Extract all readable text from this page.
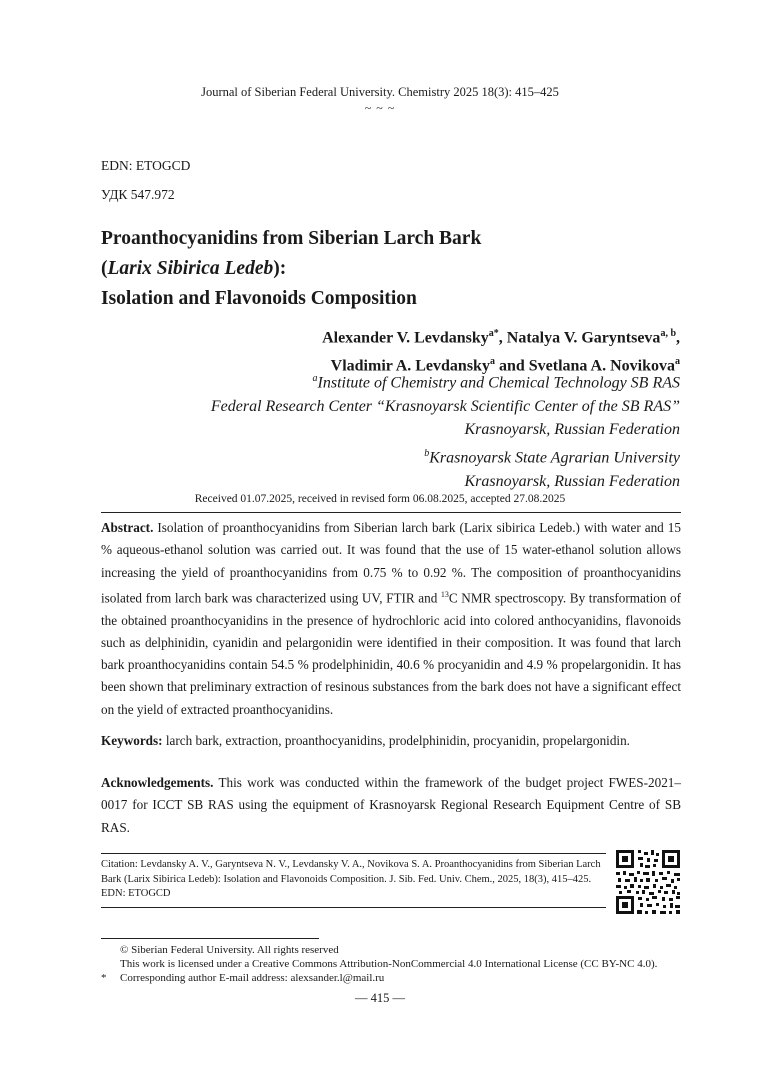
Journal of Siberian Federal University. Chemistry 2025 18(3): 415–425
~ ~ ~
EDN: ETOGCD
УДК 547.972
Proanthocyanidins from Siberian Larch Bark
(Larix Sibirica Ledeb):
Isolation and Flavonoids Composition
Alexander V. Levdansky$^{a*}$, Natalya V. Garyntseva$^{a, b}$,
Vladimir A. Levdansky$^a$ and Svetlana A. Novikova$^a$
$^a$Institute of Chemistry and Chemical Technology SB RAS
Federal Research Center “Krasnoyarsk Scientific Center of the SB RAS”
Krasnoyarsk, Russian Federation
$^b$Krasnoyarsk State Agrarian University
Krasnoyarsk, Russian Federation
Received 01.07.2025, received in revised form 06.08.2025, accepted 27.08.2025
Abstract. Isolation of proanthocyanidins from Siberian larch bark (Larix sibirica Ledeb.) with water and 15 % aqueous-ethanol solution was carried out. It was found that the use of 15 water-ethanol solution allows increasing the yield of proanthocyanidins from 0.75 % to 0.92 %. The composition of proanthocyanidins isolated from larch bark was characterized using UV, FTIR and $^{13}$C NMR spectroscopy. By transformation of the obtained proanthocyanidins in the presence of hydrochloric acid into colored anthocyanidins, flavonoids such as delphinidin, cyanidin and pelargonidin were identified in their composition. It was found that larch bark proanthocyanidins contain 54.5 % prodelphinidin, 40.6 % procyanidin and 4.9 % propelargonidin. It has been shown that preliminary extraction of resinous substances from the bark does not have a significant effect on the yield of extracted proanthocyanidins.
Keywords: larch bark, extraction, proanthocyanidins, prodelphinidin, procyanidin, propelargonidin.
Acknowledgements. This work was conducted within the framework of the budget project FWES-2021–0017 for ICCT SB RAS using the equipment of Krasnoyarsk Regional Research Equipment Centre of SB RAS.
Citation: Levdansky A. V., Garyntseva N. V., Levdansky V. A., Novikova S. A. Proanthocyanidins from Siberian Larch Bark (Larix Sibirica Ledeb): Isolation and Flavonoids Composition. J. Sib. Fed. Univ. Chem., 2025, 18(3), 415–425. EDN: ETOGCD
© Siberian Federal University. All rights reserved
This work is licensed under a Creative Commons Attribution-NonCommercial 4.0 International License (CC BY-NC 4.0).
* Corresponding author E-mail address: alexsander.l@mail.ru
— 415 —
